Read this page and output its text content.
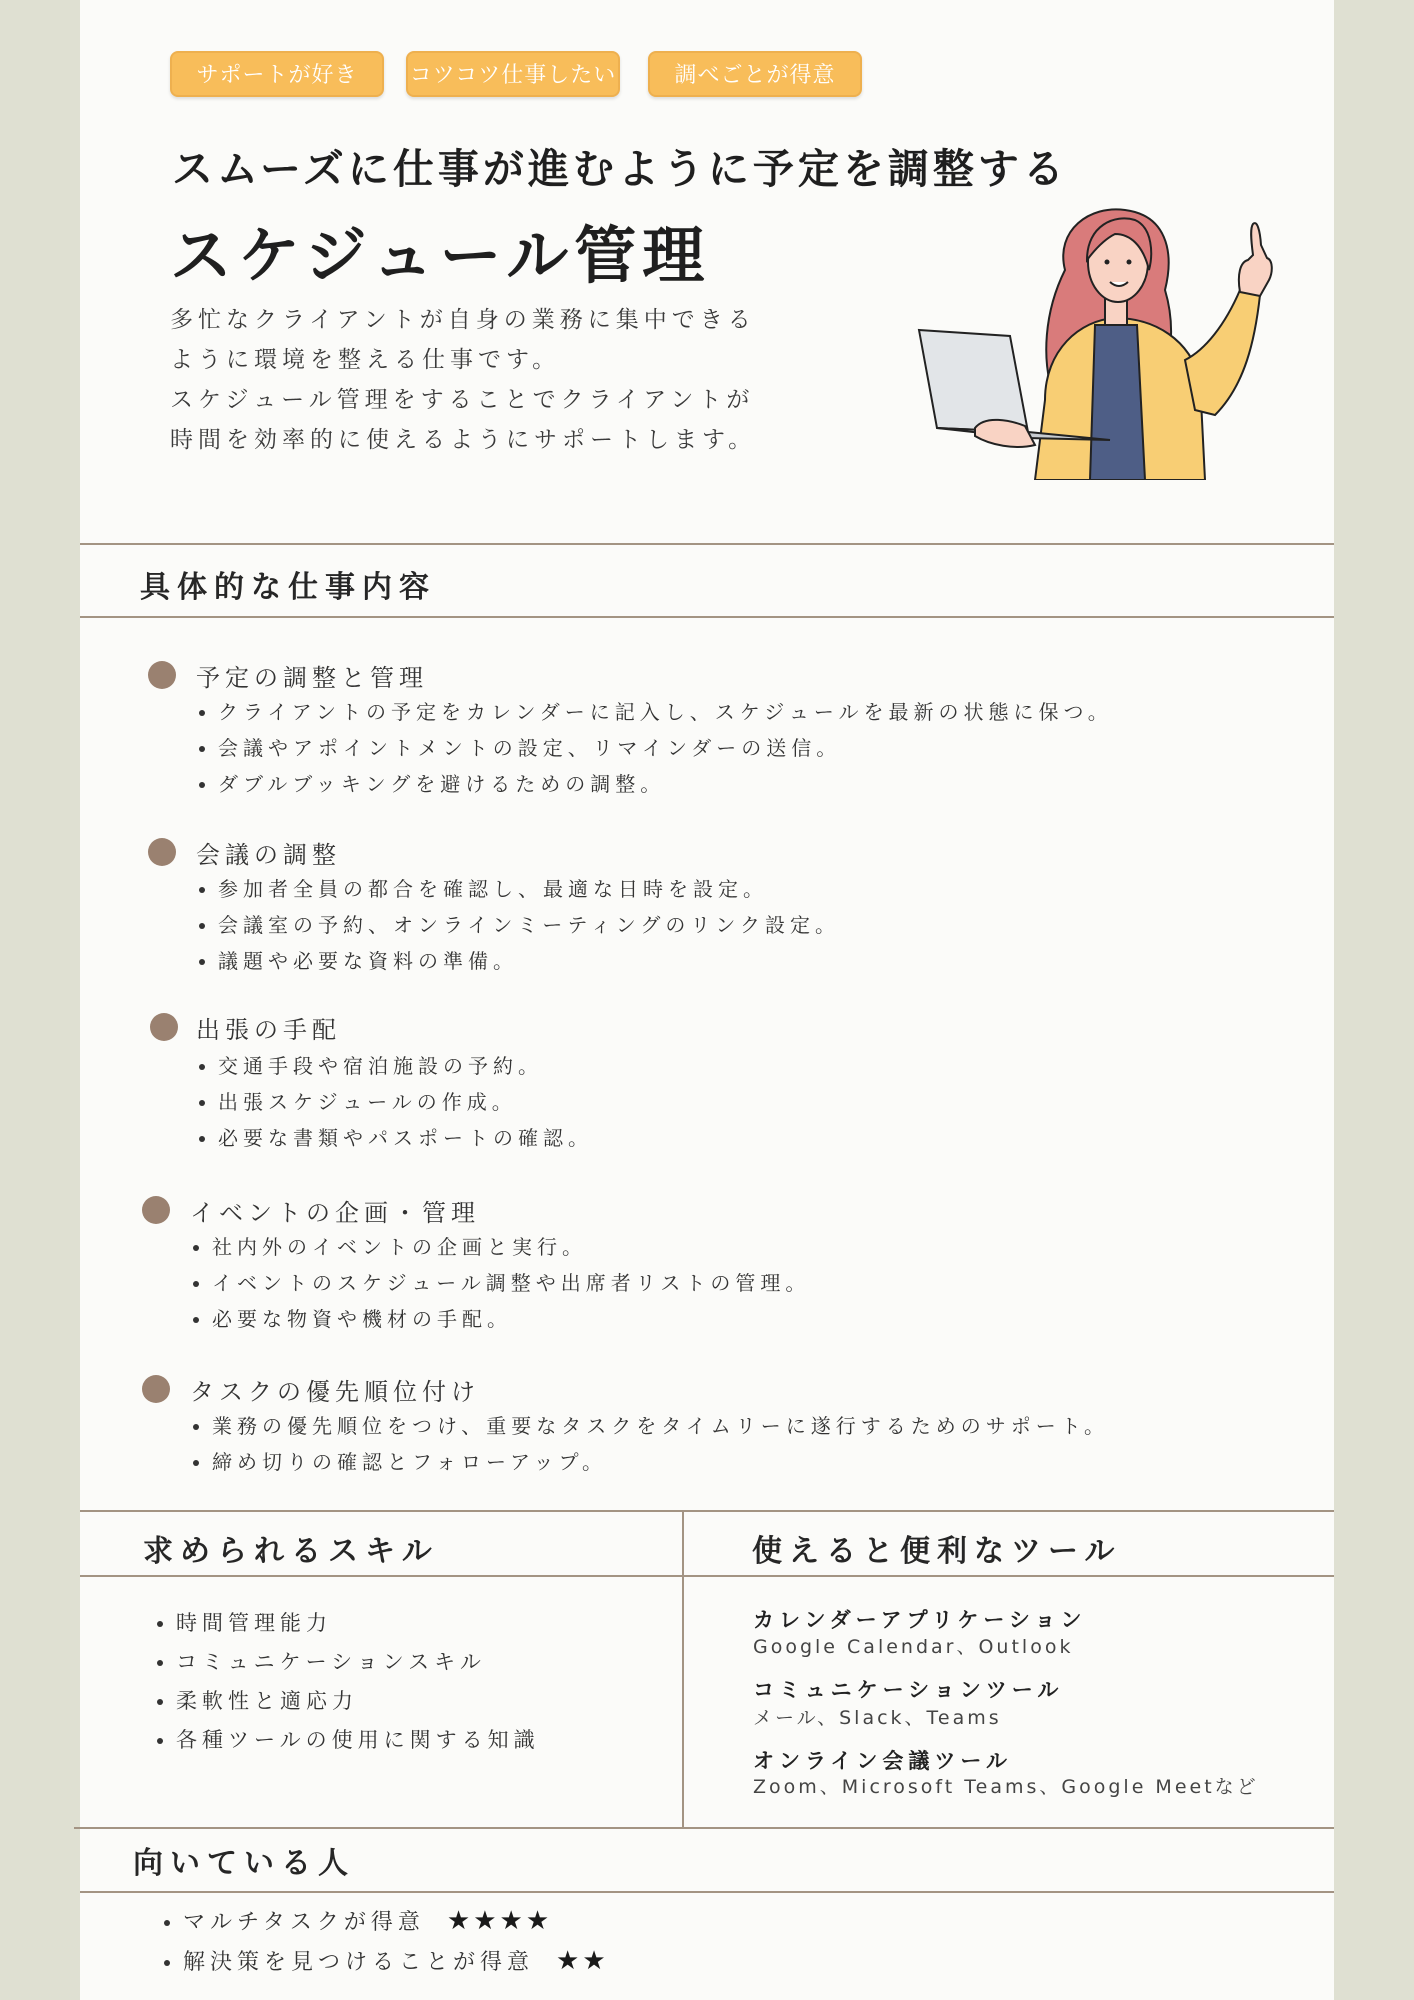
サポートが好き	コツコツ仕事したい	調べごとが得意
スムーズに仕事が進むように予定を調整する
スケジュール管理
多忙なクライアントが自身の業務に集中できる
ように環境を整える仕事です。
スケジュール管理をすることでクライアントが
時間を効率的に使えるようにサポートします。
具体的な仕事内容
予定の調整と管理
• クライアントの予定をカレンダーに記入し、スケジュールを最新の状態に保つ。
• 会議やアポイントメントの設定、リマインダーの送信。
• ダブルブッキングを避けるための調整。
会議の調整
• 参加者全員の都合を確認し、最適な日時を設定。
• 会議室の予約、オンラインミーティングのリンク設定。
• 議題や必要な資料の準備。
出張の手配
• 交通手段や宿泊施設の予約。
• 出張スケジュールの作成。
• 必要な書類やパスポートの確認。
イベントの企画・管理
• 社内外のイベントの企画と実行。
• イベントのスケジュール調整や出席者リストの管理。
• 必要な物資や機材の手配。
タスクの優先順位付け
• 業務の優先順位をつけ、重要なタスクをタイムリーに遂行するためのサポート。
• 締め切りの確認とフォローアップ。
求められるスキル	使えると便利なツール
• 時間管理能力
• コミュニケーションスキル
• 柔軟性と適応力
• 各種ツールの使用に関する知識
カレンダーアプリケーション
Google Calendar、Outlook
コミュニケーションツール
メール、Slack、Teams
オンライン会議ツール
Zoom、Microsoft Teams、Google Meetなど
向いている人
• マルチタスクが得意 ★★★★
• 解決策を見つけることが得意 ★★
